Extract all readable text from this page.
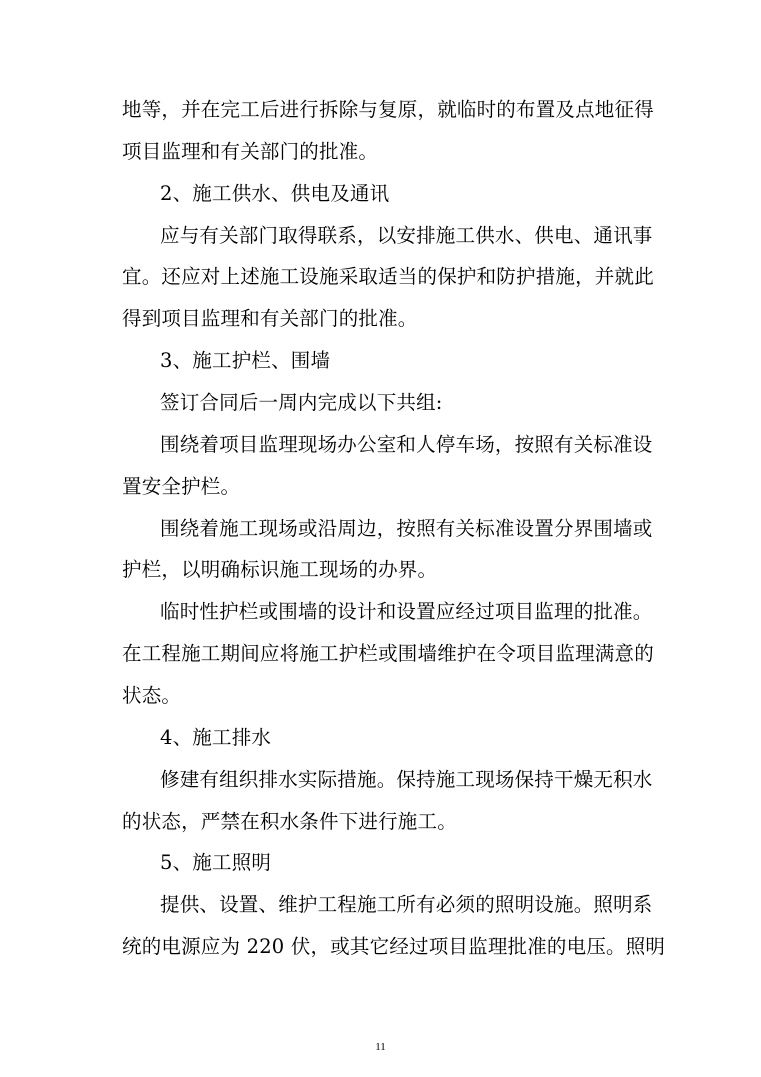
地等，并在完工后进行拆除与复原，就临时的布置及点地征得
项目监理和有关部门的批准。
2、施工供水、供电及通讯
应与有关部门取得联系，以安排施工供水、供电、通讯事
宜。还应对上述施工设施采取适当的保护和防护措施，并就此
得到项目监理和有关部门的批准。
3、施工护栏、围墙
签订合同后一周内完成以下共组:
围绕着项目监理现场办公室和人停车场，按照有关标准设
置安全护栏。
围绕着施工现场或沿周边，按照有关标准设置分界围墙或
护栏，以明确标识施工现场的办界。
临时性护栏或围墙的设计和设置应经过项目监理的批准。
在工程施工期间应将施工护栏或围墙维护在令项目监理满意的
状态。
4、施工排水
修建有组织排水实际措施。保持施工现场保持干燥无积水
的状态，严禁在积水条件下进行施工。
5、施工照明
提供、设置、维护工程施工所有必须的照明设施。照明系
统的电源应为 220 伏，或其它经过项目监理批准的电压。照明
11
